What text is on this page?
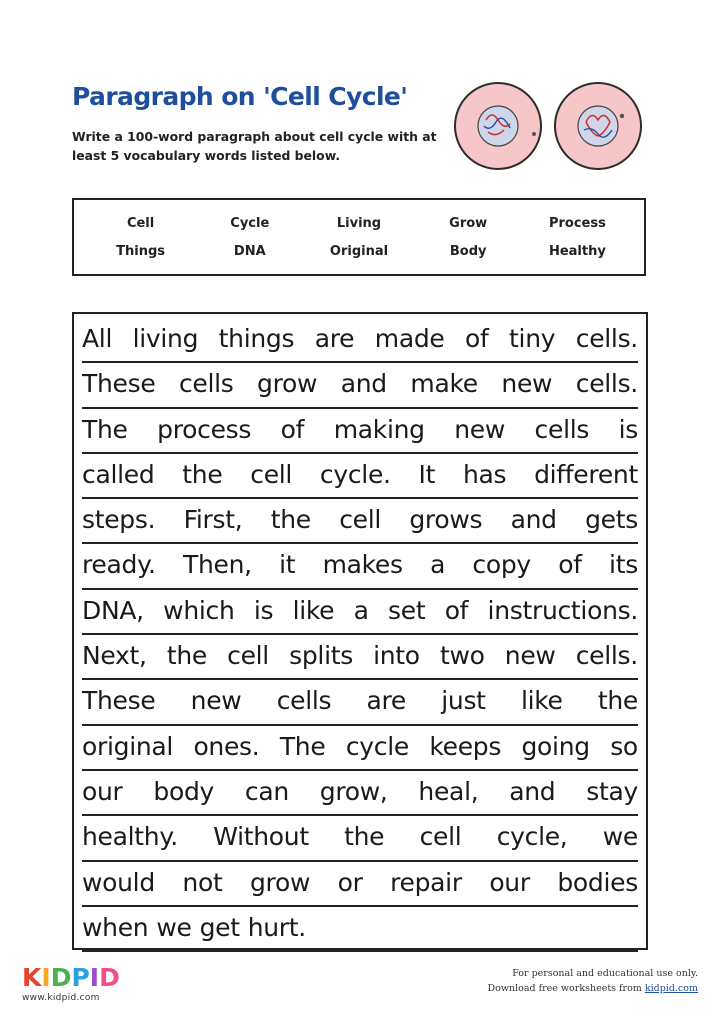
Paragraph on 'Cell Cycle'

Write a 100-word paragraph about cell cycle with at least 5 vocabulary words listed below.

Cell	Cycle	Living	Grow	Process
Things	DNA	Original	Body	Healthy
All living things are made of tiny cells.
These cells grow and make new cells.
The process of making new cells is
called the cell cycle. It has different
steps. First, the cell grows and gets
ready. Then, it makes a copy of its
DNA, which is like a set of instructions.
Next, the cell splits into two new cells.
These new cells are just like the
original ones. The cycle keeps going so
our body can grow, heal, and stay
healthy. Without the cell cycle, we
would not grow or repair our bodies
when we get hurt.
K I D P I D
www.kidpid.com
For personal and educational use only.
Download free worksheets from kidpid.com
